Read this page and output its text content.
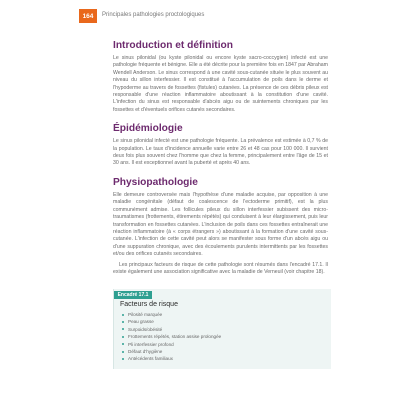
164	Principales pathologies proctologiques
Introduction et définition

Le sinus pilonidal (ou kyste pilonidal ou encore kyste sacro-coccygien) infecté est une pathologie fréquente et bénigne. Elle a été décrite pour la première fois en 1847 par Abraham Wendell Anderson. Le sinus correspond à une cavité sous-cutanée située le plus souvent au niveau du sillon interfessier. Il est constitué à l'accumulation de poils dans le derme et l'hypoderme au travers de fossettes (fistules) cutanées. La présence de ces débris pileux est responsable d'une réaction inflammatoire aboutissant à la constitution d'une cavité. L'infection du sinus est responsable d'abcès aigu ou de suintements chroniques par les fossettes et d'éventuels orifices cutanés secondaires.

Épidémiologie

Le sinus pilonidal infecté est une pathologie fréquente. La prévalence est estimée à 0,7 % de la population. Le taux d'incidence annuelle varie entre 26 et 48 cas pour 100 000. Il survient deux fois plus souvent chez l'homme que chez la femme, principalement entre l'âge de 15 et 30 ans. Il est exceptionnel avant la puberté et après 40 ans.

Physiopathologie

Elle demeure controversée mais l'hypothèse d'une maladie acquise, par opposition à une maladie congénitale (défaut de coalescence de l'ectoderme primitif), est la plus communément admise. Les follicules pileux du sillon interfessier subissent des micro-traumatismes (frottements, étirements répétés) qui conduisent à leur élargissement, puis leur transformation en fossettes cutanées. L'inclusion de poils dans ces fossettes entraînerait une réaction inflammatoire (à « corps étrangers ») aboutissant à la formation d'une cavité sous-cutanée. L'infection de cette cavité peut alors se manifester sous forme d'un abcès aigu ou d'une suppuration chronique, avec des écoulements purulents intermittents par les fossettes et/ou des orifices cutanés secondaires.

Les principaux facteurs de risque de cette pathologie sont résumés dans l'encadré 17.1. Il existe également une association significative avec la maladie de Verneuil (voir chapitre 18).

Encadré 17.1
Facteurs de risque
Pilosité marquée
Peau grasse
Surpoids/obésité
Frottements répétés, station assise prolongée
Pli interfessier profond
Défaut d'hygiène
Antécédents familiaux
